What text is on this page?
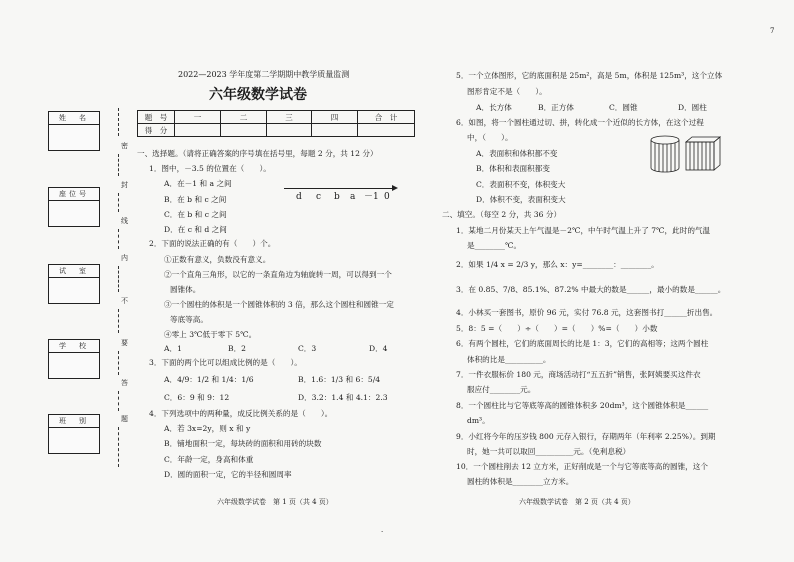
7
姓　名
座位号
试　室
学　校
班　别
密
封
线
内
不
要
答
题
2022—2023 学年度第二学期期中教学质量监测
六年级数学试卷
题　号	一	二	三	四	合　计
得　分					
一、选择题。（请将正确答案的序号填在括号里，每题 2 分，共 12 分）
1．图中，－3.5 的位置在（　　）。
A．在－1 和 a 之间
B．在 b 和 c 之间
C．在 b 和 c 之间
D．在 c 和 d 之间
d c b a －1 0
2．下面的说法正确的有（　　）个。
①正数有意义，负数没有意义。
②一个直角三角形，以它的一条直角边为轴旋转一周，可以得到一个
圆锥体。
③一个圆柱的体积是一个圆锥体积的 3 倍，那么这个圆柱和圆锥一定
等底等高。
④零上 3℃低于零下 5℃。
A．1	B．2	C．3	D．4
3．下面的两个比可以组成比例的是（　　）。
A．4/9：1/2 和 1/4：1/6	B．1.6：1/3 和 6：5/4
C．6：9 和 9：12	D．3.2：1.4 和 4.1：2.3
4．下列选项中的两种量，成反比例关系的是（　　）。
A．若 3x=2y，则 x 和 y
B．铺地面积一定，每块砖的面积和用砖的块数
C．年龄一定，身高和体重
D．圆的面积一定，它的半径和圆周率
六年级数学试卷　第 1 页（共 4 页）
·
5．一个立体图形，它的底面积是 25m²，高是 5m，体积是 125m³，这个立体
图形肯定不是（　　）。
A．长方体	B．正方体	C．圆锥	D．圆柱
6．如图，将一个圆柱通过切、拼，转化成一个近似的长方体，在这个过程
中，（　　）。
A．表面积和体积都不变
B．体积和表面积都变
C．表面积不变，体积变大
D．体积不变，表面积变大
二、填空。（每空 2 分，共 36 分）
1．某地二月份某天上午气温是－2℃，中午时气温上升了 7℃，此时的气温
是________℃。
2．如果 1/4 x = 2/3 y，那么 x：y=________：________。
3．在 0.85、7/8、85.1%、87.2% 中最大的数是______，最小的数是______。
4．小林买一套图书，原价 96 元，实付 76.8 元，这套图书打______折出售。
5．8：5 =（　　）÷（　　）=（　　）%=（　　）小数
6．有两个圆柱，它们的底面周长的比是 1：3，它们的高相等；这两个圆柱
体积的比是__________。
7．一件衣服标价 180 元，商场活动打“五五折”销售，张阿姨要买这件衣
服应付________元。
8．一个圆柱比与它等底等高的圆锥体积多 20dm³，这个圆锥体积是______
dm³。
9．小红将今年的压岁钱 800 元存入银行，存期两年（年利率 2.25%）。到期
时，她一共可以取回__________元。（免利息税）
10．一个圆柱削去 12 立方米，正好削成是一个与它等底等高的圆锥，这个
圆柱的体积是________立方米。
六年级数学试卷　第 2 页（共 4 页）
